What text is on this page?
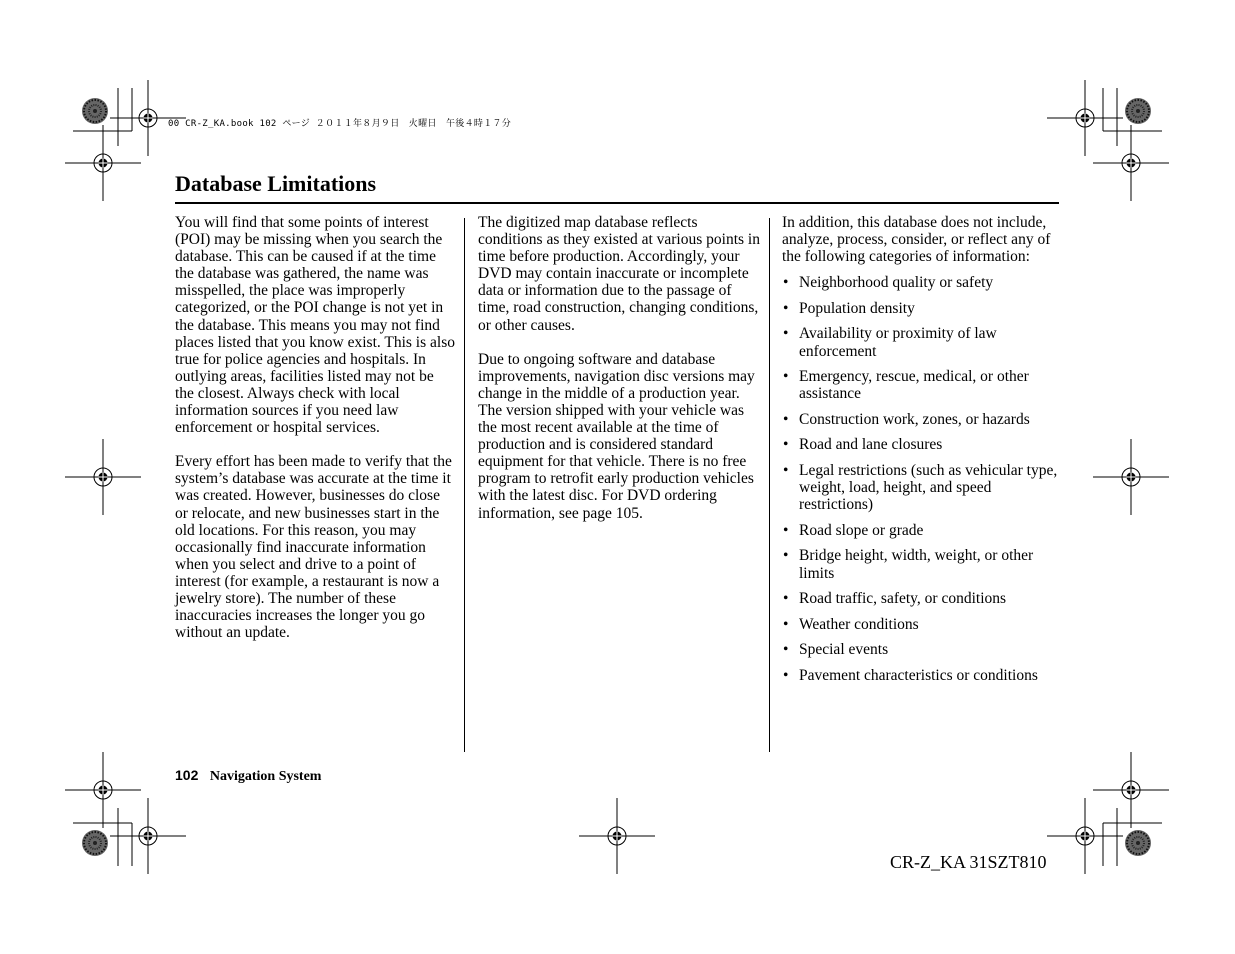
00 CR-Z_KA.book 102 ページ ２０１１年８月９日　火曜日　午後４時１７分
Database Limitations

You will find that some points of interest (POI) may be missing when you search the database. This can be caused if at the time the database was gathered, the name was misspelled, the place was improperly categorized, or the POI change is not yet in the database. This means you may not find places listed that you know exist. This is also true for police agencies and hospitals. In outlying areas, facilities listed may not be the closest. Always check with local information sources if you need law enforcement or hospital services.

Every effort has been made to verify that the system’s database was accurate at the time it was created. However, businesses do close or relocate, and new businesses start in the old locations. For this reason, you may occasionally find inaccurate information when you select and drive to a point of interest (for example, a restaurant is now a jewelry store). The number of these inaccuracies increases the longer you go without an update.

The digitized map database reflects conditions as they existed at various points in time before production. Accordingly, your DVD may contain inaccurate or incomplete data or information due to the passage of time, road construction, changing conditions, or other causes.

Due to ongoing software and database improvements, navigation disc versions may change in the middle of a production year. The version shipped with your vehicle was the most recent available at the time of production and is considered standard equipment for that vehicle. There is no free program to retrofit early production vehicles with the latest disc. For DVD ordering information, see page 105.

In addition, this database does not include, analyze, process, consider, or reflect any of the following categories of information:

• Neighborhood quality or safety
• Population density
• Availability or proximity of law enforcement
• Emergency, rescue, medical, or other assistance
• Construction work, zones, or hazards
• Road and lane closures
• Legal restrictions (such as vehicular type, weight, load, height, and speed restrictions)
• Road slope or grade
• Bridge height, width, weight, or other limits
• Road traffic, safety, or conditions
• Weather conditions
• Special events
• Pavement characteristics or conditions
102 Navigation System
CR-Z_KA 31SZT810
